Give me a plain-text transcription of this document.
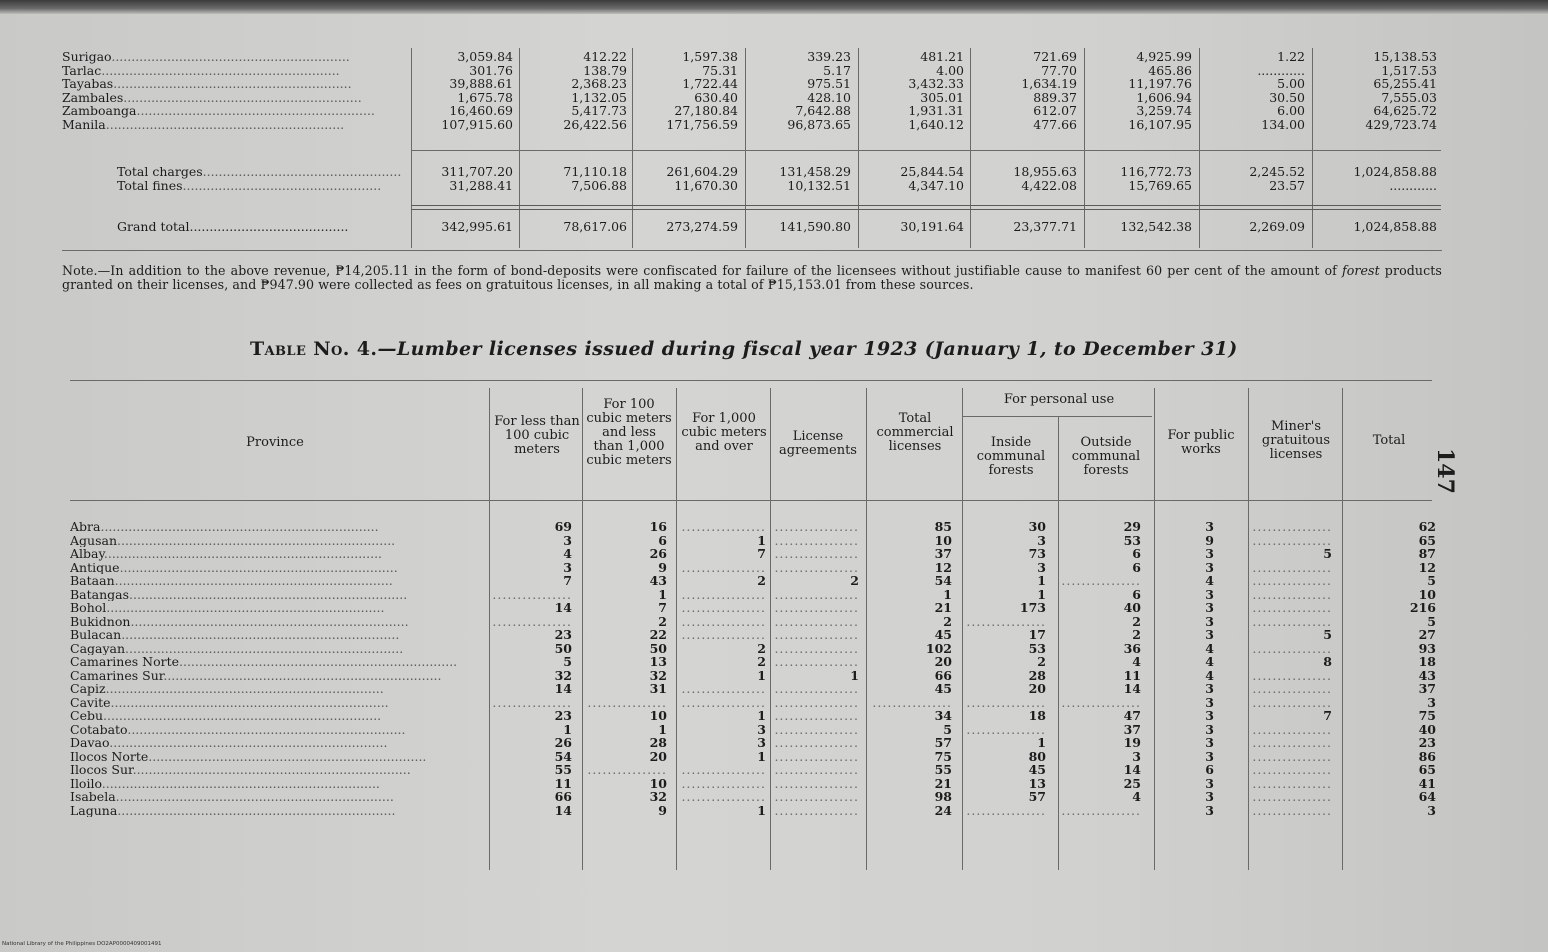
Surigao............................................................
Tarlac............................................................
Tayabas............................................................
Zambales............................................................
Zamboanga............................................................
Manila............................................................
3,059.84
301.76
39,888.61
1,675.78
16,460.69
107,915.60
311,707.20
31,288.41
342,995.61
412.22
138.79
2,368.23
1,132.05
5,417.73
26,422.56
71,110.18
7,506.88
78,617.06
1,597.38
75.31
1,722.44
630.40
27,180.84
171,756.59
261,604.29
11,670.30
273,274.59
339.23
5.17
975.51
428.10
7,642.88
96,873.65
131,458.29
10,132.51
141,590.80
481.21
4.00
3,432.33
305.01
1,931.31
1,640.12
25,844.54
4,347.10
30,191.64
721.69
77.70
1,634.19
889.37
612.07
477.66
18,955.63
4,422.08
23,377.71
4,925.99
465.86
11,197.76
1,606.94
3,259.74
16,107.95
116,772.73
15,769.65
132,542.38
1.22
............
5.00
30.50
6.00
134.00
2,245.52
23.57
2,269.09
15,138.53
1,517.53
65,255.41
7,555.03
64,625.72
429,723.74
1,024,858.88
............
1,024,858.88
Total charges..................................................
Total fines..................................................
Grand total........................................
Note.—In addition to the above revenue, ₱14,205.11 in the form of bond-deposits were confiscated for failure of the licensees without justifiable cause to manifest 60 per cent of the amount of forest products granted on their licenses, and ₱947.90 were collected as fees on gratuitous licenses, in all making a total of ₱15,153.01 from these sources.
Table No. 4.—Lumber licenses issued during fiscal year 1923 (January 1, to December 31)
Province
For less than 100 cubic meters
For 100 cubic meters and less than 1,000 cubic meters
For 1,000 cubic meters and over
License agreements
Total commercial licenses
For personal use
Inside communal forests
Outside communal forests
For public works
Miner's gratuitous licenses
Total
Abra......................................................................
Agusan......................................................................
Albay......................................................................
Antique......................................................................
Bataan......................................................................
Batangas......................................................................
Bohol......................................................................
Bukidnon......................................................................
Bulacan......................................................................
Cagayan......................................................................
Camarines Norte......................................................................
Camarines Sur......................................................................
Capiz......................................................................
Cavite......................................................................
Cebu......................................................................
Cotabato......................................................................
Davao......................................................................
Ilocos Norte......................................................................
Ilocos Sur......................................................................
Iloilo......................................................................
Isabela......................................................................
Laguna......................................................................
69
3
4
3
7
................
14
................
23
50
5
32
14
................
23
1
26
54
55
11
66
14
16
6
26
9
43
1
7
2
22
50
13
32
31
................
10
1
28
20
................
10
32
9
.................
1
7
.................
2
.................
.................
.................
.................
2
2
1
.................
.................
1
3
3
1
.................
.................
.................
1
.................
.................
.................
.................
2
.................
.................
.................
.................
.................
.................
1
.................
.................
.................
.................
.................
.................
.................
.................
.................
.................
85
10
37
12
54
1
21
2
45
102
20
66
45
................
34
5
57
75
55
21
98
24
30
3
73
3
1
1
173
................
17
53
2
28
20
................
18
................
1
80
45
13
57
................
29
53
6
6
................
6
40
2
2
36
4
11
14
................
47
37
19
3
14
25
4
................
3
9
3
3
4
3
3
3
3
4
4
4
3
3
3
3
3
3
6
3
3
3
................
................
5
................
................
................
................
................
5
................
8
................
................
................
7
................
................
................
................
................
................
................
62
65
87
12
5
10
216
5
27
93
18
43
37
3
75
40
23
86
65
41
64
3
147
National Library of the Philippines DO2AP0000409001491
